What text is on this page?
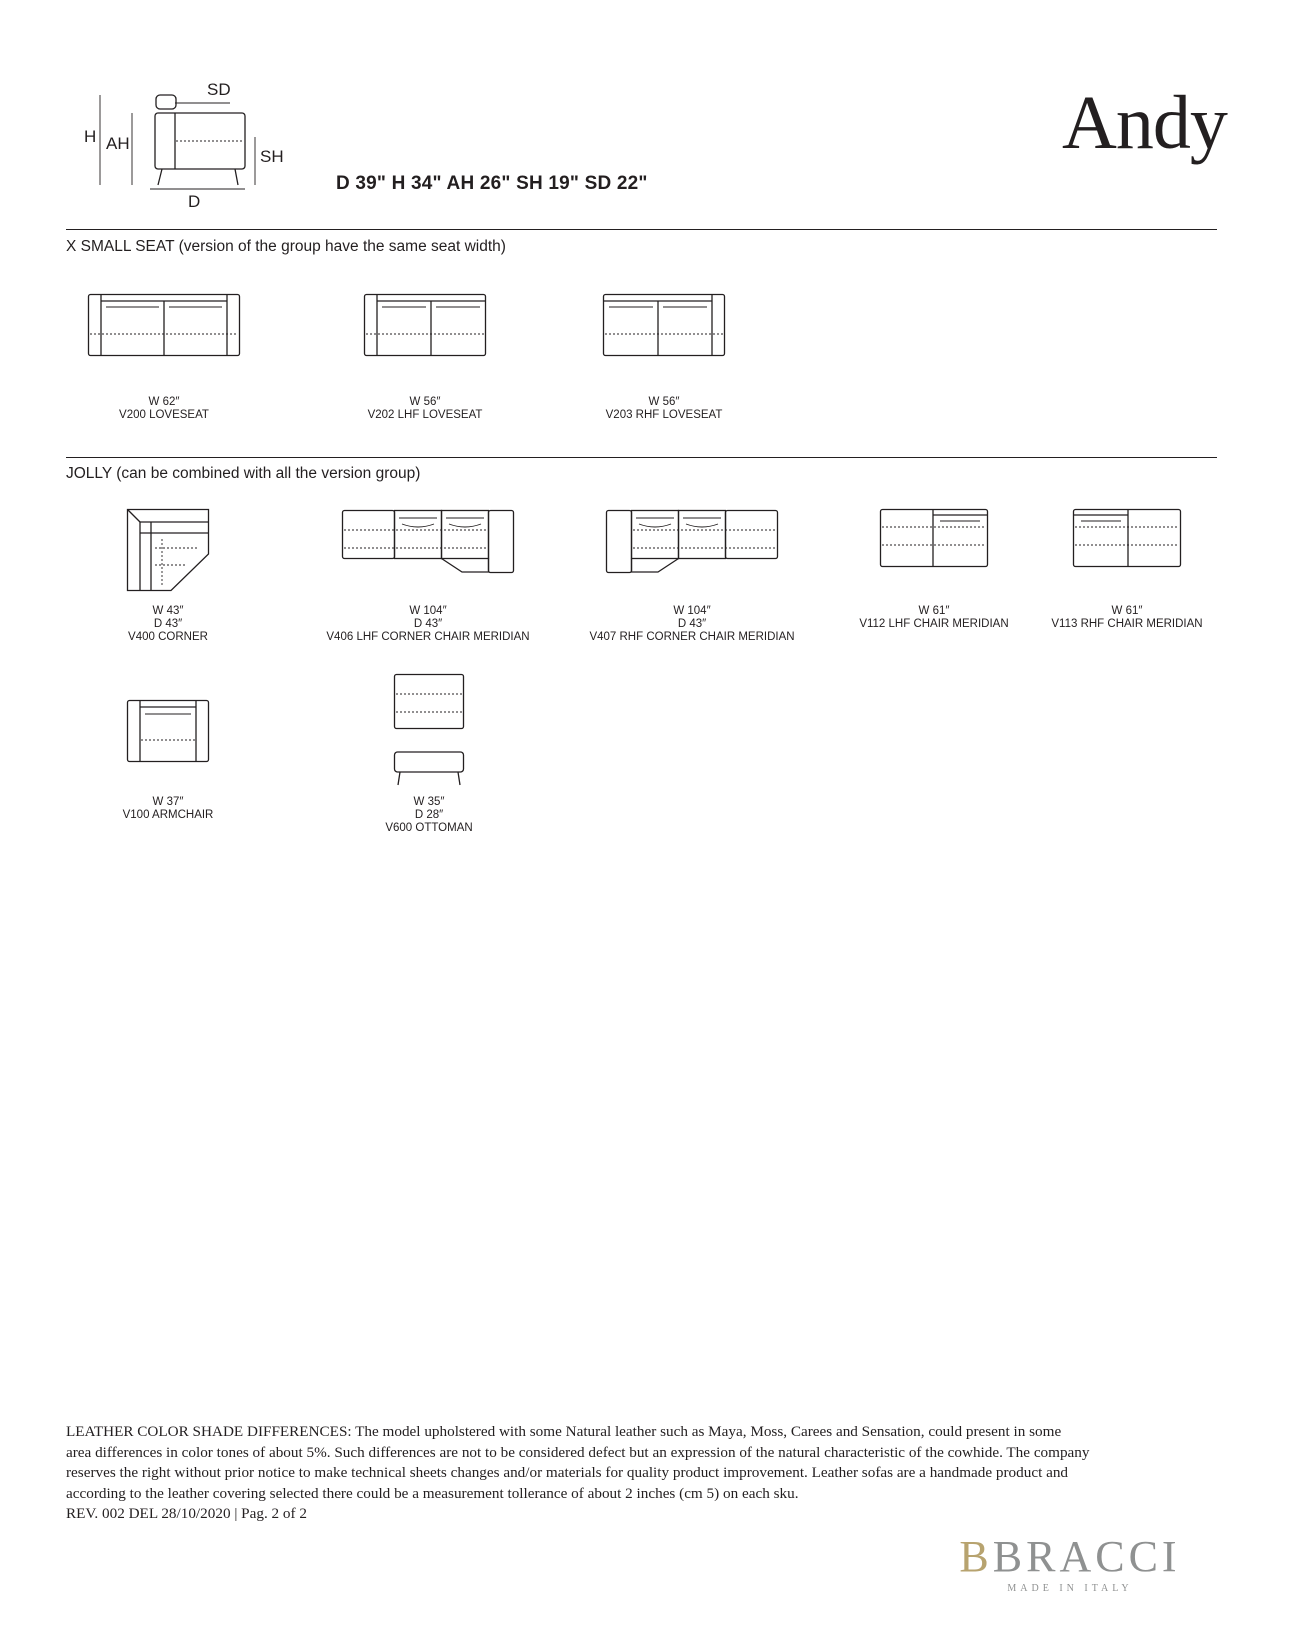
Andy
SD
H AH
SH
D
D 39" H 34" AH 26" SH 19" SD 22"
X SMALL SEAT (version of the group have the same seat width)
W 62″
V200 LOVESEAT
W 56″
V202 LHF LOVESEAT
W 56″
V203 RHF LOVESEAT
JOLLY (can be combined with all the version group)
W 43″
D 43″
V400 CORNER
W 104″
D 43″
V406 LHF CORNER CHAIR MERIDIAN
W 104″
D 43″
V407 RHF CORNER CHAIR MERIDIAN
W 61″
V112 LHF CHAIR MERIDIAN
W 61″
V113 RHF CHAIR MERIDIAN
W 37″
V100 ARMCHAIR
W 35″
D 28″
V600 OTTOMAN
LEATHER COLOR SHADE DIFFERENCES: The model upholstered with some Natural leather such as Maya, Moss, Carees and Sensation, could present in some
area differences in color tones of about 5%. Such differences are not to be considered defect but an expression of the natural characteristic of the cowhide. The company
reserves the right without prior notice to make technical sheets changes and/or materials for quality product improvement. Leather sofas are a handmade product and
according to the leather covering selected there could be a measurement tollerance of about 2 inches (cm 5) on each sku.
REV. 002 DEL 28/10/2020 | Pag. 2 of 2
BBRACCI
MADE IN ITALY
